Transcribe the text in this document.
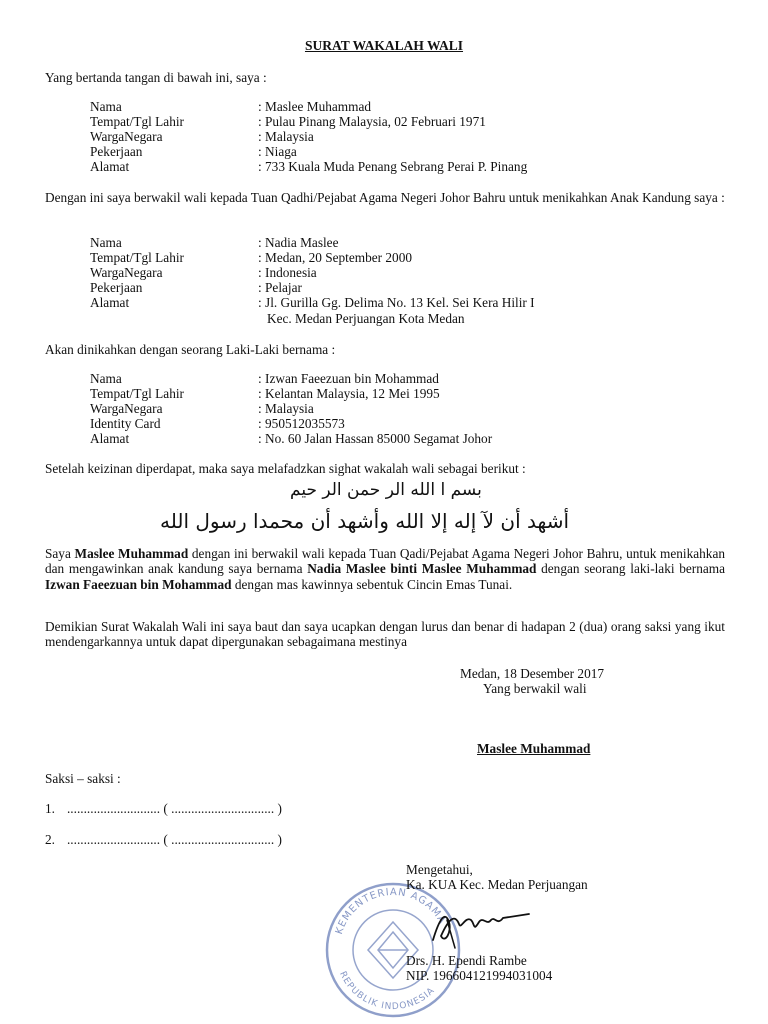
SURAT WAKALAH WALI
Yang bertanda tangan di bawah ini, saya :
Nama	: Maslee Muhammad
Tempat/Tgl Lahir	: Pulau Pinang Malaysia, 02 Februari 1971
WargaNegara	: Malaysia
Pekerjaan	: Niaga
Alamat	: 733 Kuala Muda Penang Sebrang Perai P. Pinang
Dengan ini saya berwakil wali kepada Tuan Qadhi/Pejabat Agama Negeri Johor Bahru untuk menikahkan Anak Kandung saya :
Nama	: Nadia Maslee
Tempat/Tgl Lahir	: Medan, 20 September 2000
WargaNegara	: Indonesia
Pekerjaan	: Pelajar
Alamat	: Jl. Gurilla Gg. Delima No. 13 Kel. Sei Kera Hilir I
Kec. Medan Perjuangan Kota Medan
Akan dinikahkan dengan seorang Laki-Laki bernama :
Nama	: Izwan Faeezuan bin Mohammad
Tempat/Tgl Lahir	: Kelantan Malaysia, 12 Mei 1995
WargaNegara	: Malaysia
Identity Card	: 950512035573
Alamat	: No. 60 Jalan Hassan 85000 Segamat Johor
Setelah keizinan diperdapat, maka saya melafadzkan sighat wakalah wali sebagai berikut :
بسم ا الله الر حمن الر حيم
أشهد أن لآ إله إلا الله وأشهد أن محمدا رسول الله
Saya Maslee Muhammad dengan ini berwakil wali kepada Tuan Qadi/Pejabat Agama Negeri Johor Bahru, untuk menikahkan dan mengawinkan anak kandung saya bernama Nadia Maslee binti Maslee Muhammad dengan seorang laki-laki bernama Izwan Faeezuan bin Mohammad dengan mas kawinnya sebentuk Cincin Emas Tunai.
Demikian Surat Wakalah Wali ini saya baut dan saya ucapkan dengan lurus dan benar di hadapan 2 (dua) orang saksi yang ikut mendengarkannya untuk dapat dipergunakan sebagaimana mestinya
Medan, 18 Desember 2017
Yang berwakil wali
Maslee Muhammad
Saksi – saksi :
1. ............................ ( ............................... )
2. ............................ ( ............................... )
KEMENTERIAN AGAMA
REPUBLIK INDONESIA
Mengetahui,
Ka. KUA Kec. Medan Perjuangan
Drs. H. Ependi Rambe
NIP. 196604121994031004
